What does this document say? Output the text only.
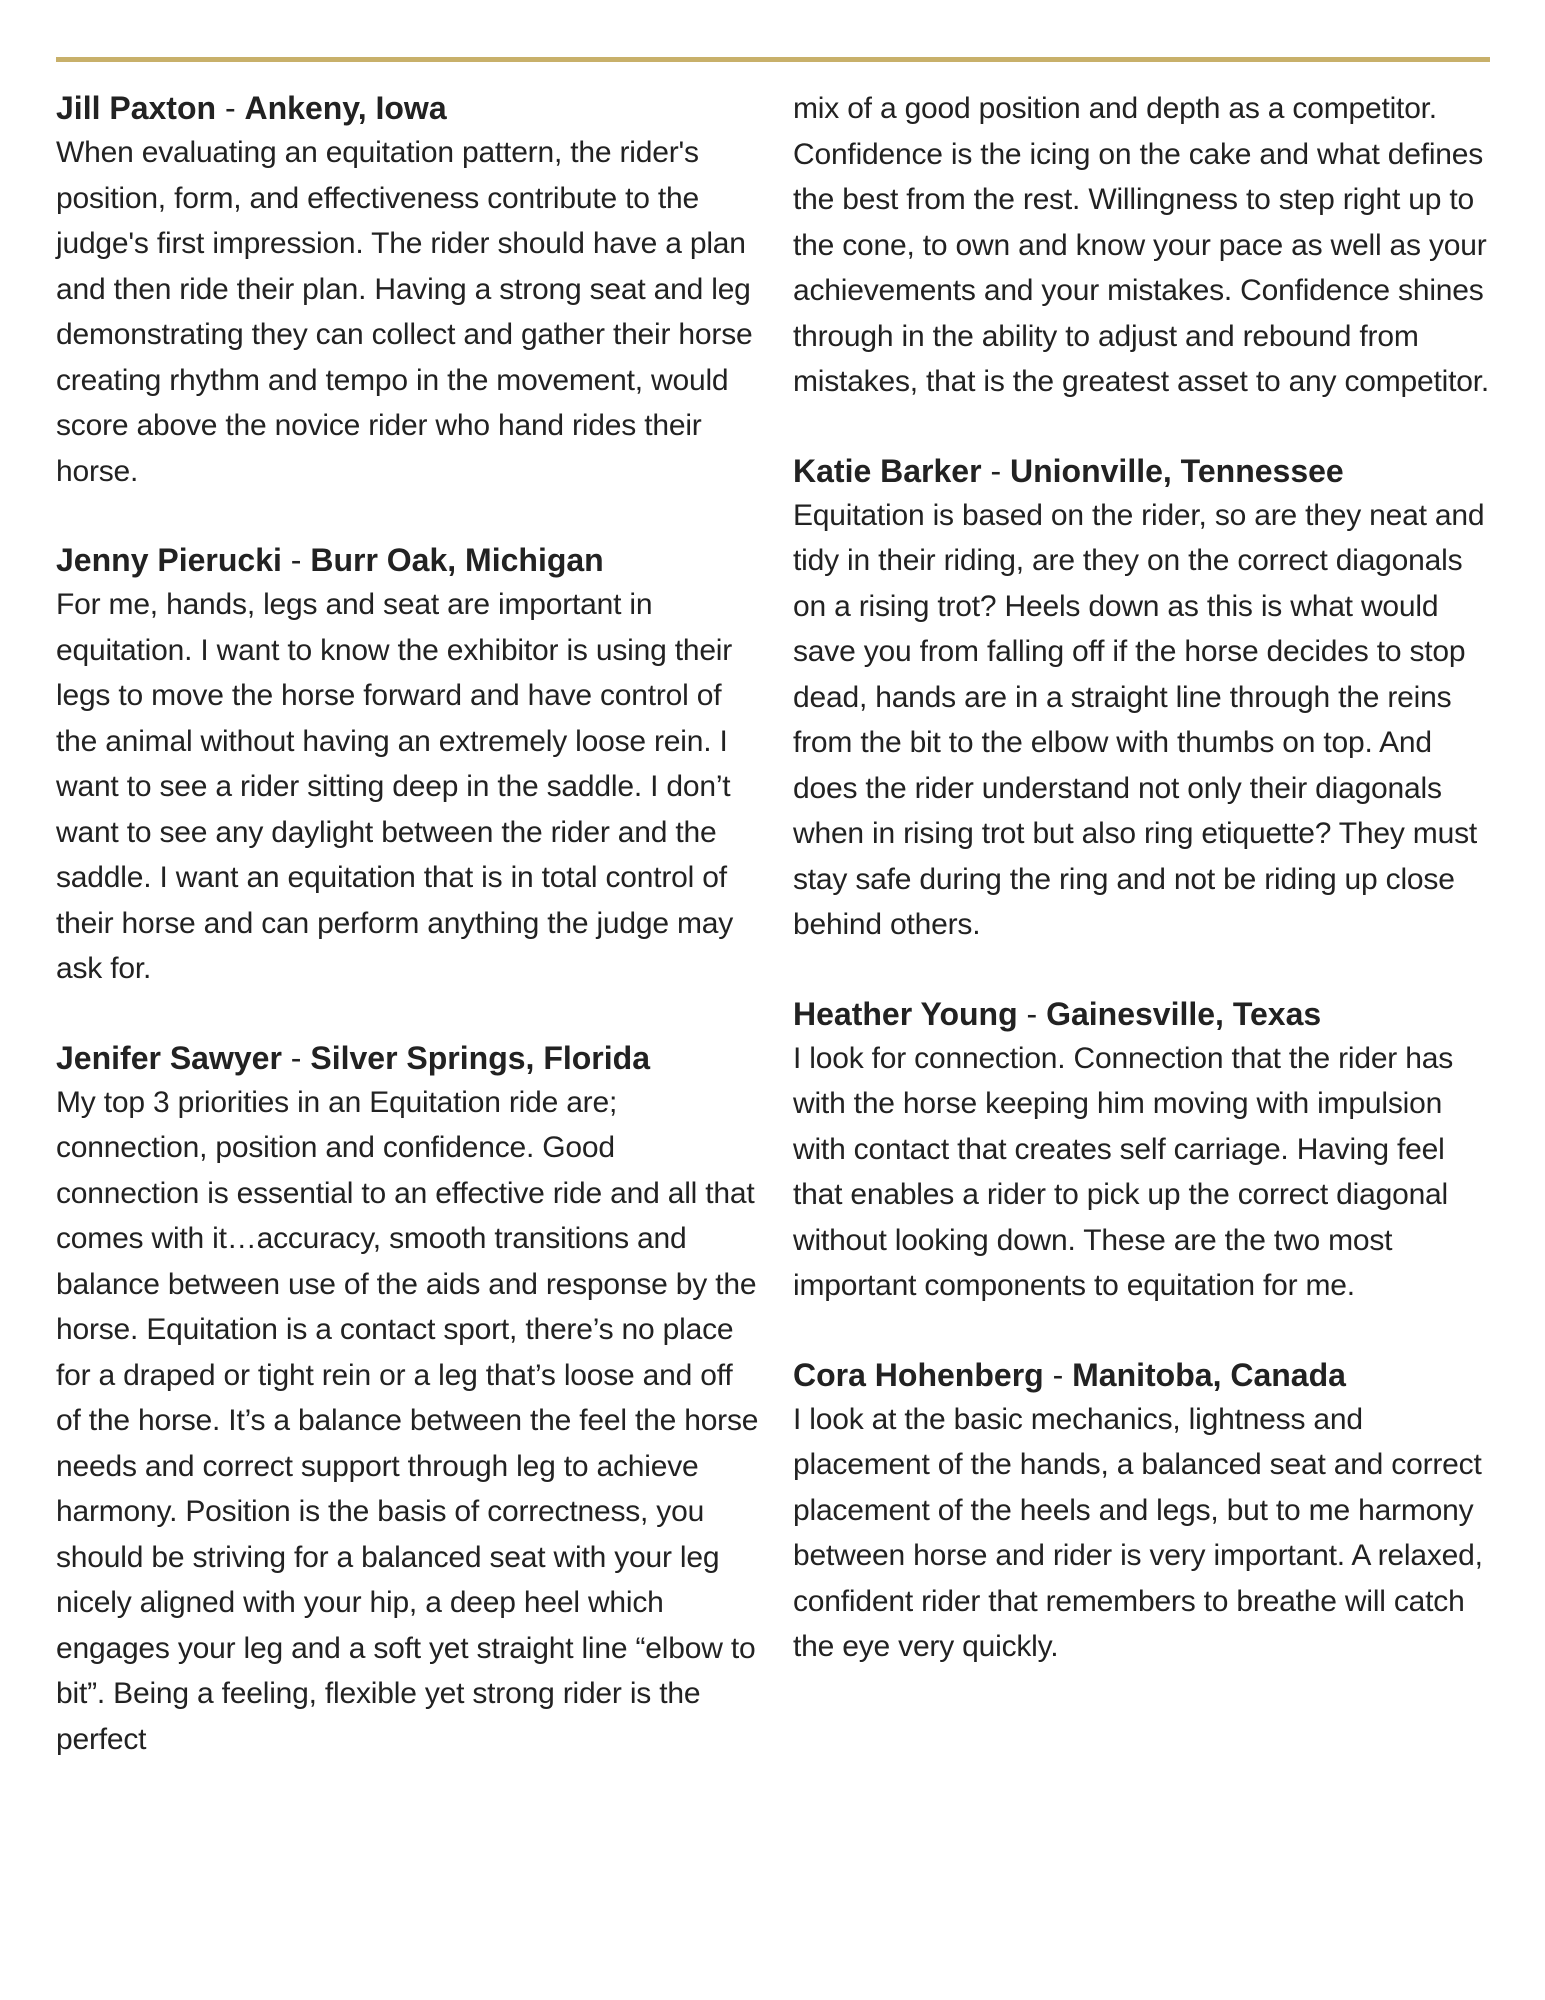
Jill Paxton - Ankeny, Iowa

When evaluating an equitation pattern, the rider's position, form, and effectiveness contribute to the judge's first impression. The rider should have a plan and then ride their plan. Having a strong seat and leg demonstrating they can collect and gather their horse creating rhythm and tempo in the movement, would score above the novice rider who hand rides their horse.

Jenny Pierucki - Burr Oak, Michigan

For me, hands, legs and seat are important in equitation. I want to know the exhibitor is using their legs to move the horse forward and have control of the animal without having an extremely loose rein. I want to see a rider sitting deep in the saddle. I don’t want to see any daylight between the rider and the saddle. I want an equitation that is in total control of their horse and can perform anything the judge may ask for.

Jenifer Sawyer - Silver Springs, Florida

My top 3 priorities in an Equitation ride are; connection, position and confidence. Good connection is essential to an effective ride and all that comes with it…accuracy, smooth transitions and balance between use of the aids and response by the horse. Equitation is a contact sport, there’s no place for a draped or tight rein or a leg that’s loose and off of the horse. It’s a balance between the feel the horse needs and correct support through leg to achieve harmony. Position is the basis of correctness, you should be striving for a balanced seat with your leg nicely aligned with your hip, a deep heel which engages your leg and a soft yet straight line “elbow to bit”. Being a feeling, flexible yet strong rider is the perfect

mix of a good position and depth as a competitor. Confidence is the icing on the cake and what defines the best from the rest. Willingness to step right up to the cone, to own and know your pace as well as your achievements and your mistakes. Confidence shines through in the ability to adjust and rebound from mistakes, that is the greatest asset to any competitor.

Katie Barker - Unionville, Tennessee

Equitation is based on the rider, so are they neat and tidy in their riding, are they on the correct diagonals on a rising trot? Heels down as this is what would save you from falling off if the horse decides to stop dead, hands are in a straight line through the reins from the bit to the elbow with thumbs on top. And does the rider understand not only their diagonals when in rising trot but also ring etiquette? They must stay safe during the ring and not be riding up close behind others.

Heather Young - Gainesville, Texas

I look for connection. Connection that the rider has with the horse keeping him moving with impulsion with contact that creates self carriage. Having feel that enables a rider to pick up the correct diagonal without looking down. These are the two most important components to equitation for me.

Cora Hohenberg - Manitoba, Canada

I look at the basic mechanics, lightness and placement of the hands, a balanced seat and correct placement of the heels and legs, but to me harmony between horse and rider is very important. A relaxed, confident rider that remembers to breathe will catch the eye very quickly.
